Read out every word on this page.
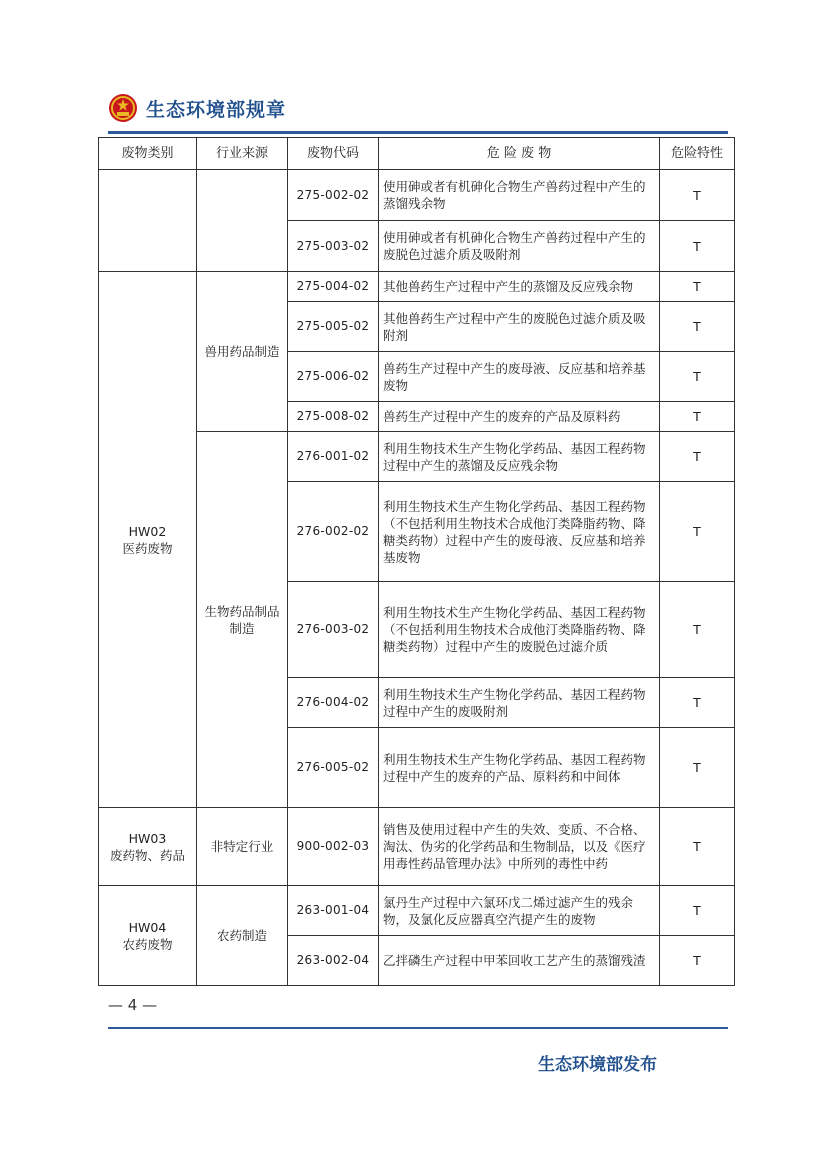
生态环境部规章
废物类别	行业来源	废物代码	危 险 废 物	危险特性
		275-002-02	使用砷或者有机砷化合物生产兽药过程中产生的蒸馏残余物	T
		275-003-02	使用砷或者有机砷化合物生产兽药过程中产生的废脱色过滤介质及吸附剂	T

HW02
医药废物	兽用药品制造	275-004-02	其他兽药生产过程中产生的蒸馏及反应残余物	T
		275-005-02	其他兽药生产过程中产生的废脱色过滤介质及吸附剂	T
		275-006-02	兽药生产过程中产生的废母液、反应基和培养基废物	T
		275-008-02	兽药生产过程中产生的废弃的产品及原料药	T
	生物药品制品制造	276-001-02	利用生物技术生产生物化学药品、基因工程药物过程中产生的蒸馏及反应残余物	T
		276-002-02	利用生物技术生产生物化学药品、基因工程药物（不包括利用生物技术合成他汀类降脂药物、降糖类药物）过程中产生的废母液、反应基和培养基废物	T
		276-003-02	利用生物技术生产生物化学药品、基因工程药物（不包括利用生物技术合成他汀类降脂药物、降糖类药物）过程中产生的废脱色过滤介质	T
		276-004-02	利用生物技术生产生物化学药品、基因工程药物过程中产生的废吸附剂	T
		276-005-02	利用生物技术生产生物化学药品、基因工程药物过程中产生的废弃的产品、原料药和中间体	T

HW03
废药物、药品	非特定行业	900-002-03	销售及使用过程中产生的失效、变质、不合格、淘汰、伪劣的化学药品和生物制品，以及《医疗用毒性药品管理办法》中所列的毒性中药	T

HW04
农药废物	农药制造	263-001-04	氯丹生产过程中六氯环戊二烯过滤产生的残余物，及氯化反应器真空汽提产生的废物	T
		263-002-04	乙拌磷生产过程中甲苯回收工艺产生的蒸馏残渣	T
— 4 —
生态环境部发布
